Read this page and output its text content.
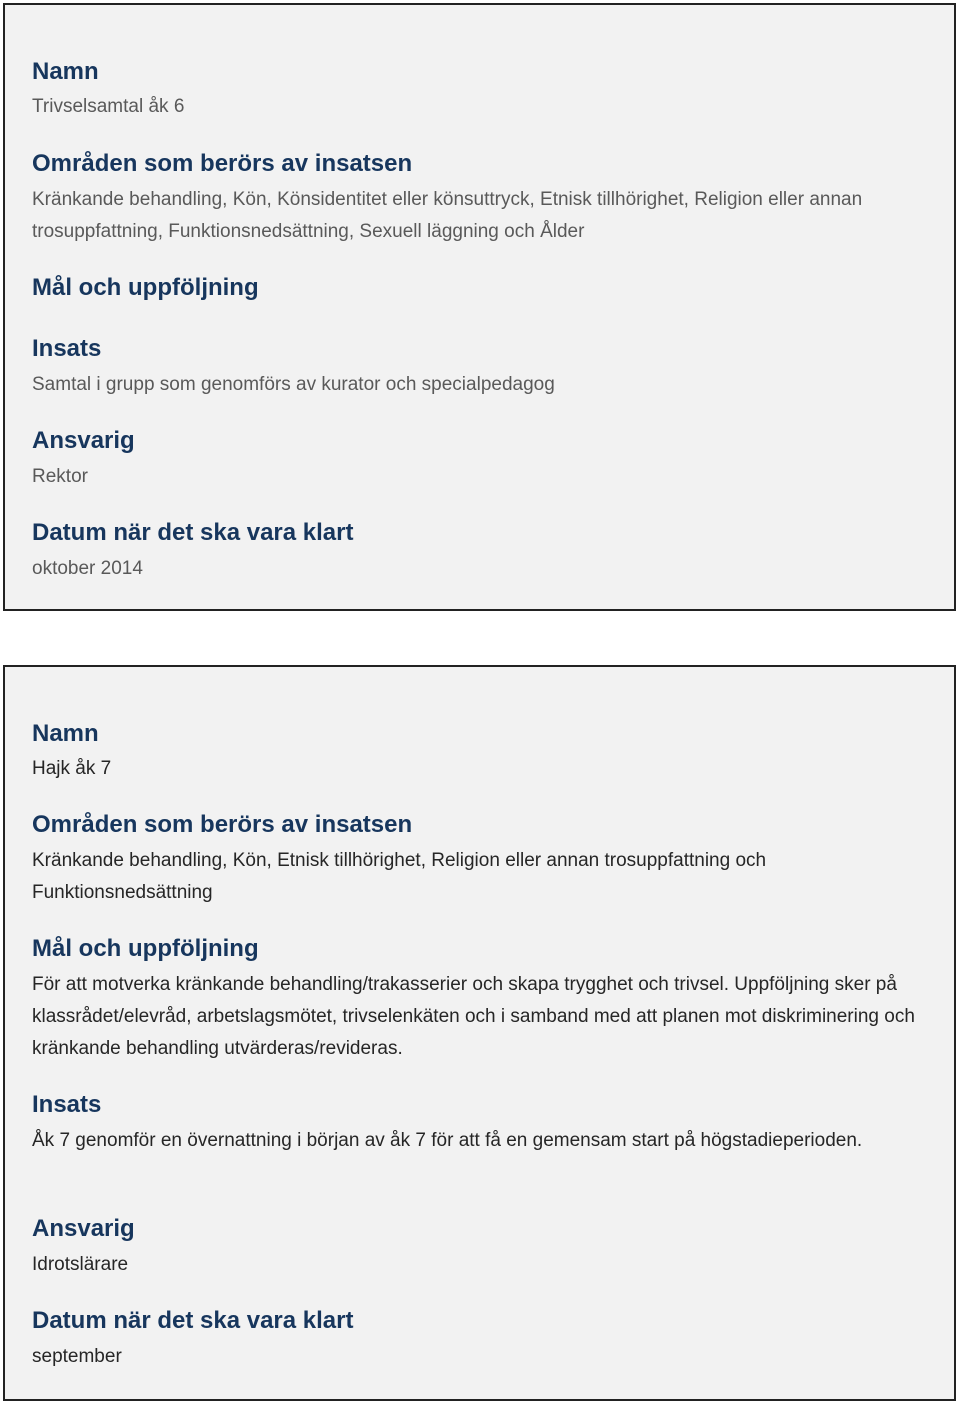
Namn

Trivselsamtal åk 6

Områden som berörs av insatsen

Kränkande behandling, Kön, Könsidentitet eller könsuttryck, Etnisk tillhörighet, Religion eller annan trosuppfattning, Funktionsnedsättning, Sexuell läggning och Ålder

Mål och uppföljning

Insats

Samtal i grupp som genomförs av kurator och specialpedagog

Ansvarig

Rektor

Datum när det ska vara klart

oktober 2014

Namn

Hajk åk 7

Områden som berörs av insatsen

Kränkande behandling, Kön, Etnisk tillhörighet, Religion eller annan trosuppfattning och Funktionsnedsättning

Mål och uppföljning

För att motverka kränkande behandling/trakasserier och skapa trygghet och trivsel. Uppföljning sker på klassrådet/elevråd, arbetslagsmötet, trivselenkäten och i samband med att planen mot diskriminering och kränkande behandling utvärderas/revideras.

Insats

Åk 7 genomför en övernattning i början av åk 7 för att få en gemensam start på högstadieperioden.

Ansvarig

Idrotslärare

Datum när det ska vara klart

september
